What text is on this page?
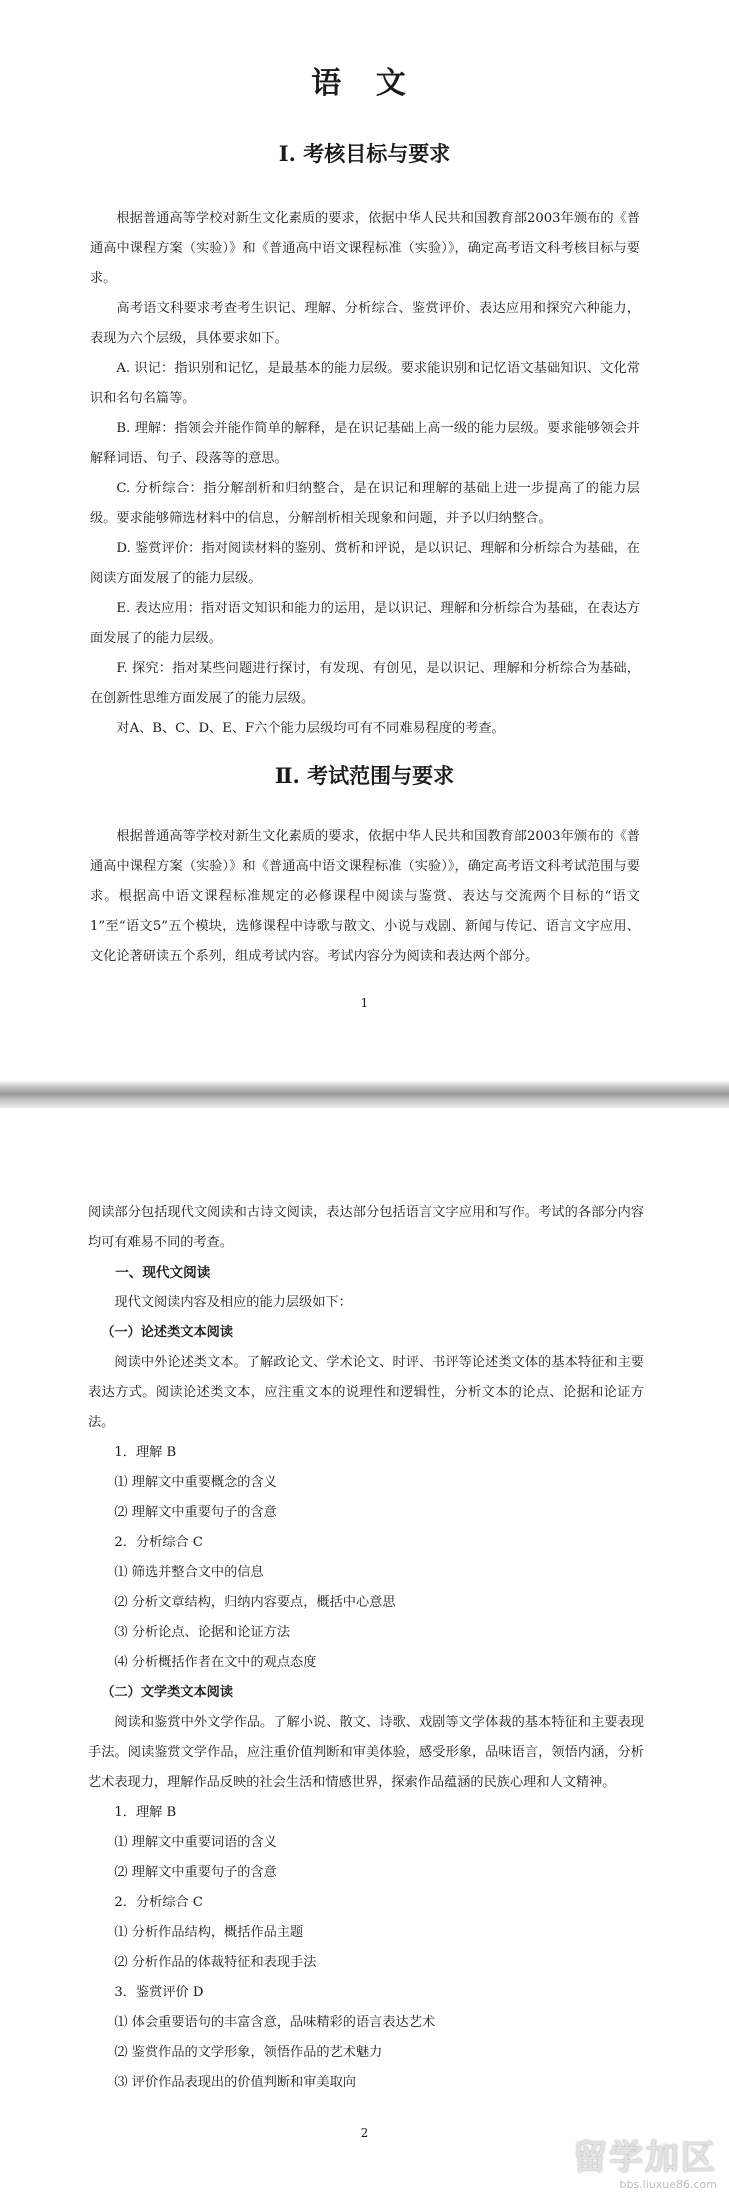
语 文
Ⅰ. 考核目标与要求

根据普通高等学校对新生文化素质的要求，依据中华人民共和国教育部2003年颁布的《普通高中课程方案（实验）》和《普通高中语文课程标准（实验）》，确定高考语文科考核目标与要求。

高考语文科要求考查考生识记、理解、分析综合、鉴赏评价、表达应用和探究六种能力，表现为六个层级，具体要求如下。

A. 识记：指识别和记忆，是最基本的能力层级。要求能识别和记忆语文基础知识、文化常识和名句名篇等。

B. 理解：指领会并能作简单的解释，是在识记基础上高一级的能力层级。要求能够领会并解释词语、句子、段落等的意思。

C. 分析综合：指分解剖析和归纳整合，是在识记和理解的基础上进一步提高了的能力层级。要求能够筛选材料中的信息，分解剖析相关现象和问题，并予以归纳整合。

D. 鉴赏评价：指对阅读材料的鉴别、赏析和评说，是以识记、理解和分析综合为基础，在阅读方面发展了的能力层级。

E. 表达应用：指对语文知识和能力的运用，是以识记、理解和分析综合为基础，在表达方面发展了的能力层级。

F. 探究：指对某些问题进行探讨，有发现、有创见，是以识记、理解和分析综合为基础，在创新性思维方面发展了的能力层级。

对A、B、C、D、E、F六个能力层级均可有不同难易程度的考查。

Ⅱ. 考试范围与要求

根据普通高等学校对新生文化素质的要求，依据中华人民共和国教育部2003年颁布的《普通高中课程方案（实验）》和《普通高中语文课程标准（实验）》，确定高考语文科考试范围与要求。根据高中语文课程标准规定的必修课程中阅读与鉴赏、表达与交流两个目标的“语文1”至“语文5”五个模块，选修课程中诗歌与散文、小说与戏剧、新闻与传记、语言文字应用、文化论著研读五个系列，组成考试内容。考试内容分为阅读和表达两个部分。

1

阅读部分包括现代文阅读和古诗文阅读，表达部分包括语言文字应用和写作。考试的各部分内容均可有难易不同的考查。

一、现代文阅读

现代文阅读内容及相应的能力层级如下：

（一）论述类文本阅读

阅读中外论述类文本。了解政论文、学术论文、时评、书评等论述类文体的基本特征和主要表达方式。阅读论述类文本，应注重文本的说理性和逻辑性，分析文本的论点、论据和论证方法。

1．理解 B

⑴ 理解文中重要概念的含义

⑵ 理解文中重要句子的含意

2．分析综合 C

⑴ 筛选并整合文中的信息

⑵ 分析文章结构，归纳内容要点，概括中心意思

⑶ 分析论点、论据和论证方法

⑷ 分析概括作者在文中的观点态度

（二）文学类文本阅读

阅读和鉴赏中外文学作品。了解小说、散文、诗歌、戏剧等文学体裁的基本特征和主要表现手法。阅读鉴赏文学作品，应注重价值判断和审美体验，感受形象，品味语言，领悟内涵，分析艺术表现力，理解作品反映的社会生活和情感世界，探索作品蕴涵的民族心理和人文精神。

1．理解 B

⑴ 理解文中重要词语的含义

⑵ 理解文中重要句子的含意

2．分析综合 C

⑴ 分析作品结构，概括作品主题

⑵ 分析作品的体裁特征和表现手法

3．鉴赏评价 D

⑴ 体会重要语句的丰富含意，品味精彩的语言表达艺术

⑵ 鉴赏作品的文学形象，领悟作品的艺术魅力

⑶ 评价作品表现出的价值判断和审美取向

2
留学加区
bbs.liuxue86.com
